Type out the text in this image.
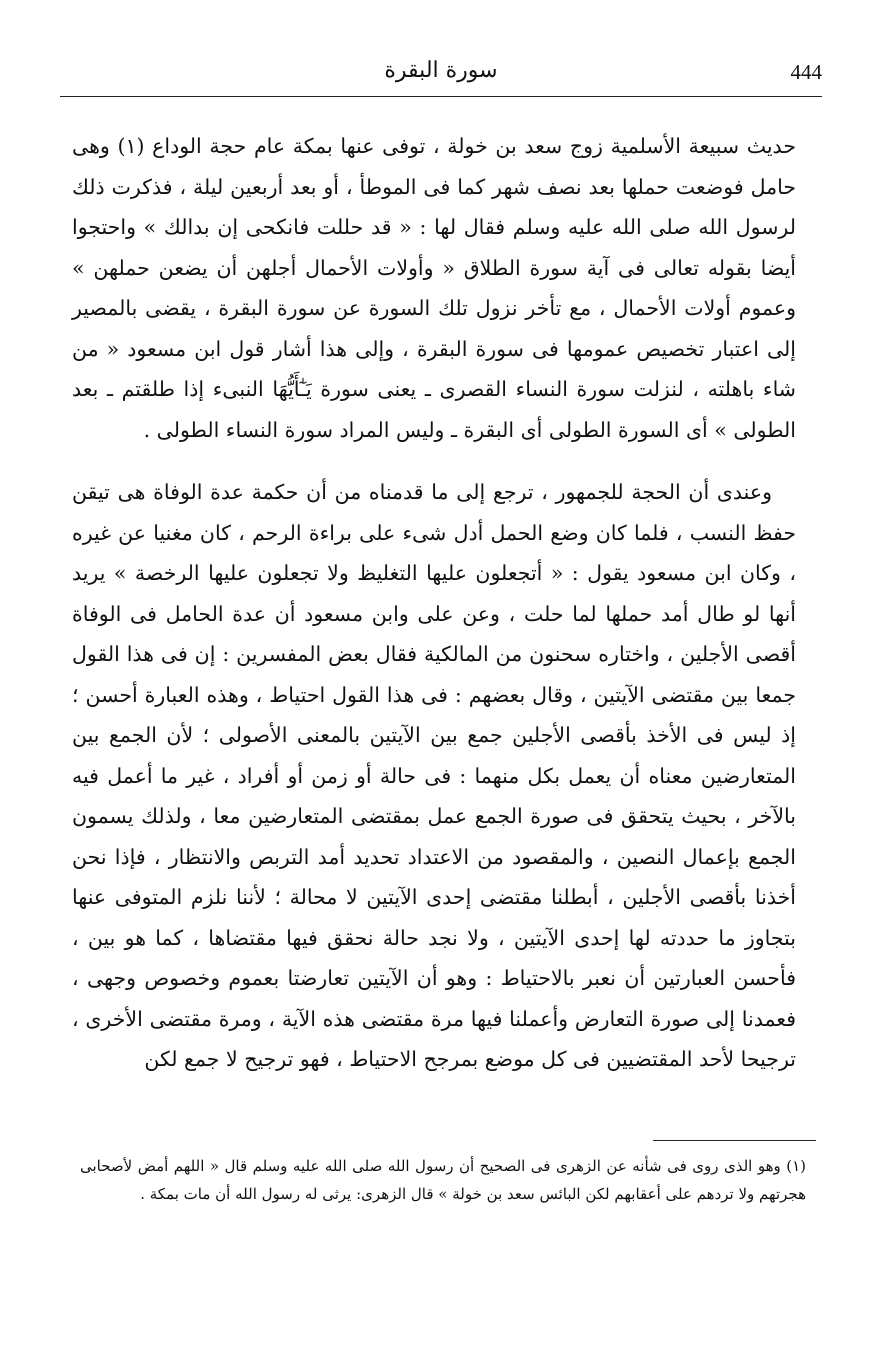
444
سورة البقرة

حديث سبيعة الأسلمية زوج سعد بن خولة ، توفى عنها بمكة عام حجة الوداع (١) وهى حامل فوضعت حملها بعد نصف شهر كما فى الموطأ ، أو بعد أربعين ليلة ، فذكرت ذلك لرسول الله صلى الله عليه وسلم فقال لها : « قد حللت فانكحى إن بدالك » واحتجوا أيضا بقوله تعالى فى آية سورة الطلاق « وأولات الأحمال أجلهن أن يضعن حملهن » وعموم أولات الأحمال ، مع تأخر نزول تلك السورة عن سورة البقرة ، يقضى بالمصير إلى اعتبار تخصيص عمومها فى سورة البقرة ، وإلى هذا أشار قول ابن مسعود « من شاء باهلته ، لنزلت سورة النساء القصرى ـ يعنى سورة يَـٰٓأَيُّهَا النبىء إذا طلقتم ـ بعد الطولى » أى السورة الطولى أى البقرة ـ وليس المراد سورة النساء الطولى .

وعندى أن الحجة للجمهور ، ترجع إلى ما قدمناه من أن حكمة عدة الوفاة هى تيقن حفظ النسب ، فلما كان وضع الحمل أدل شىء على براءة الرحم ، كان مغنيا عن غيره ، وكان ابن مسعود يقول : « أتجعلون عليها التغليظ ولا تجعلون عليها الرخصة » يريد أنها لو طال أمد حملها لما حلت ، وعن على وابن مسعود أن عدة الحامل فى الوفاة أقصى الأجلين ، واختاره سحنون من المالكية فقال بعض المفسرين : إن فى هذا القول جمعا بين مقتضى الآيتين ، وقال بعضهم : فى هذا القول احتياط ، وهذه العبارة أحسن ؛ إذ ليس فى الأخذ بأقصى الأجلين جمع بين الآيتين بالمعنى الأصولى ؛ لأن الجمع بين المتعارضين معناه أن يعمل بكل منهما : فى حالة أو زمن أو أفراد ، غير ما أعمل فيه بالآخر ، بحيث يتحقق فى صورة الجمع عمل بمقتضى المتعارضين معا ، ولذلك يسمون الجمع بإعمال النصين ، والمقصود من الاعتداد تحديد أمد التربص والانتظار ، فإذا نحن أخذنا بأقصى الأجلين ، أبطلنا مقتضى إحدى الآيتين لا محالة ؛ لأننا نلزم المتوفى عنها بتجاوز ما حددته لها إحدى الآيتين ، ولا نجد حالة نحقق فيها مقتضاها ، كما هو بين ، فأحسن العبارتين أن نعبر بالاحتياط : وهو أن الآيتين تعارضتا بعموم وخصوص وجهى ، فعمدنا إلى صورة التعارض وأعملنا فيها مرة مقتضى هذه الآية ، ومرة مقتضى الأخرى ، ترجيحا لأحد المقتضيين فى كل موضع بمرجح الاحتياط ، فهو ترجيح لا جمع لكن

(١) وهو الذى روى فى شأنه عن الزهرى فى الصحيح أن رسول الله صلى الله عليه وسلم قال « اللهم أمض لأصحابى هجرتهم ولا تردهم على أعقابهم لكن البائس سعد بن خولة » قال الزهرى: يرثى له رسول الله أن مات بمكة .
